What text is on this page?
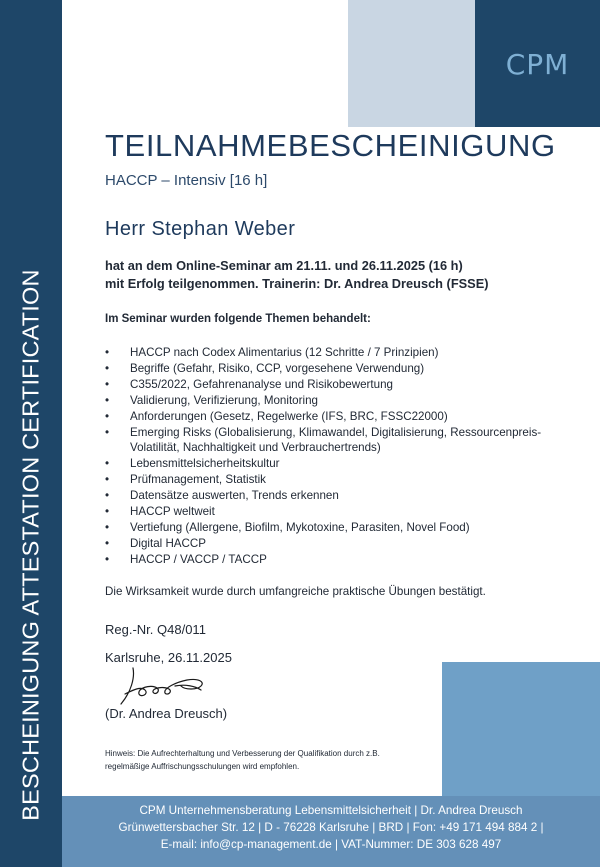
BESCHEINIGUNG ATTESTATION CERTIFICATION
CPM
TEILNAHMEBESCHEINIGUNG
HACCP – Intensiv [16 h]
Herr Stephan Weber
hat an dem Online-Seminar am 21.11. und 26.11.2025 (16 h)
mit Erfolg teilgenommen. Trainerin: Dr. Andrea Dreusch (FSSE)
Im Seminar wurden folgende Themen behandelt:
•	HACCP nach Codex Alimentarius (12 Schritte / 7 Prinzipien)
•	Begriffe (Gefahr, Risiko, CCP, vorgesehene Verwendung)
•	C355/2022, Gefahrenanalyse und Risikobewertung
•	Validierung, Verifizierung, Monitoring
•	Anforderungen (Gesetz, Regelwerke (IFS, BRC, FSSC22000)
•	Emerging Risks (Globalisierung, Klimawandel, Digitalisierung, Ressourcenpreis-Volatilität, Nachhaltigkeit und Verbrauchertrends)
•	Lebensmittelsicherheitskultur
•	Prüfmanagement, Statistik
•	Datensätze auswerten, Trends erkennen
•	HACCP weltweit
•	Vertiefung (Allergene, Biofilm, Mykotoxine, Parasiten, Novel Food)
•	Digital HACCP
•	HACCP / VACCP / TACCP
Die Wirksamkeit wurde durch umfangreiche praktische Übungen bestätigt.
Reg.-Nr. Q48/011
Karlsruhe, 26.11.2025
(Dr. Andrea Dreusch)
Hinweis: Die Aufrechterhaltung und Verbesserung der Qualifikation durch z.B.
regelmäßige Auffrischungsschulungen wird empfohlen.
CPM Unternehmensberatung Lebensmittelsicherheit | Dr. Andrea Dreusch
Grünwettersbacher Str. 12 | D - 76228 Karlsruhe | BRD | Fon: +49 171 494 884 2 |
E-mail: info@cp-management.de | VAT-Nummer: DE 303 628 497
